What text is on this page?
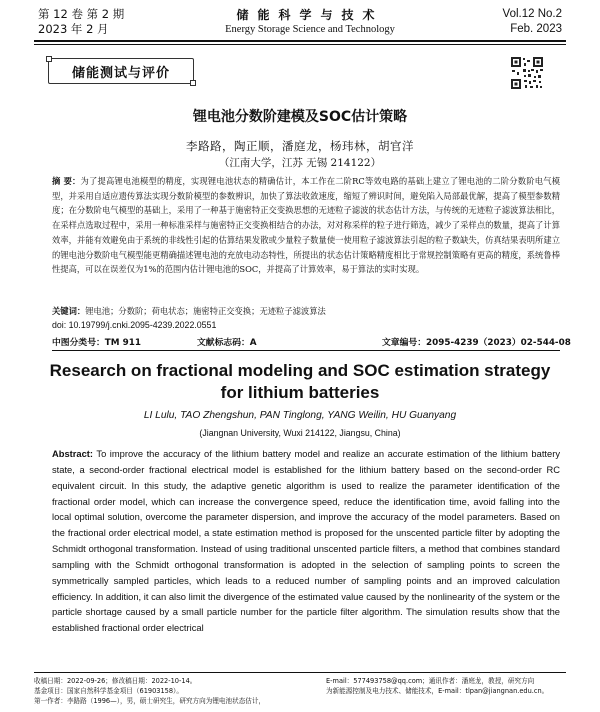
第 12 卷 第 2 期
2023 年 2 月
储能科学与技术
Energy Storage Science and Technology
Vol.12 No.2
Feb. 2023
储能测试与评价
锂电池分数阶建模及SOC估计策略
李路路，陶正顺，潘庭龙，杨玮林，胡官洋
（江南大学，江苏 无锡 214122）
摘 要：为了提高锂电池模型的精度，实现锂电池状态的精确估计，本工作在二阶RC等效电路的基础上建立了锂电池的二阶分数阶电气模型，并采用自适应遗传算法实现分数阶模型的参数辨识，加快了算法收敛速度，缩短了辨识时间，避免陷入局部最优解，提高了模型参数精度；在分数阶电气模型的基础上，采用了一种基于施密特正交变换思想的无迹粒子滤波的状态估计方法，与传统的无迹粒子滤波算法相比，在采样点选取过程中，采用一种标准采样与施密特正交变换相结合的办法，对对称采样的粒子进行筛选，减少了采样点的数量，提高了计算效率，并能有效避免由于系统的非线性引起的估算结果发散或少量粒子数量使一使用粒子滤波算法引起的粒子数缺失，仿真结果表明所建立的锂电池分数阶电气模型能更精确描述锂电池的充放电动态特性，所提出的状态估计策略精度相比于常规控制策略有更高的精度，系统鲁棒性提高，可以在误差仅为1%的范围内估计锂电池的SOC，并提高了计算效率，易于算法的实时实现。
关键词：锂电池；分数阶；荷电状态；施密特正交变换；无迹粒子滤波算法
doi: 10.19799/j.cnki.2095-4239.2022.0551
中图分类号：TM 911	文献标志码：A	文章编号：2095-4239（2023）02-544-08
Research on fractional modeling and SOC estimation strategy for lithium batteries
LI Lulu, TAO Zhengshun, PAN Tinglong, YANG Weilin, HU Guanyang
(Jiangnan University, Wuxi 214122, Jiangsu, China)
Abstract: To improve the accuracy of the lithium battery model and realize an accurate estimation of the lithium battery state, a second-order fractional electrical model is established for the lithium battery based on the second-order RC equivalent circuit. In this study, the adaptive genetic algorithm is used to realize the parameter identification of the fractional order model, which can increase the convergence speed, reduce the identification time, avoid falling into the local optimal solution, overcome the parameter dispersion, and improve the accuracy of the model parameters. Based on the fractional order electrical model, a state estimation method is proposed for the unscented particle filter by adopting the Schmidt orthogonal transformation. Instead of using traditional unscented particle filters, a method that combines standard sampling with the Schmidt orthogonal transformation is adopted in the selection of sampling points to screen the symmetrically sampled particles, which leads to a reduced number of sampling points and an improved calculation efficiency. In addition, it can also limit the divergence of the estimated value caused by the nonlinearity of the system or the particle shortage caused by a small particle number for the particle filter algorithm. The simulation results show that the established fractional order electrical
收稿日期：2022-09-26；修改稿日期：2022-10-14。
基金项目：国家自然科学基金项目（61903158）。
第一作者：李路路（1996—），男，硕士研究生，研究方向为锂电池状态估计，
E-mail：5774937​58@qq.com；通讯作者：潘庭龙，教授，研究方向
为新能源控制及电力技术、储能技术，E-mail：tlpan@jiangnan.edu.cn。
